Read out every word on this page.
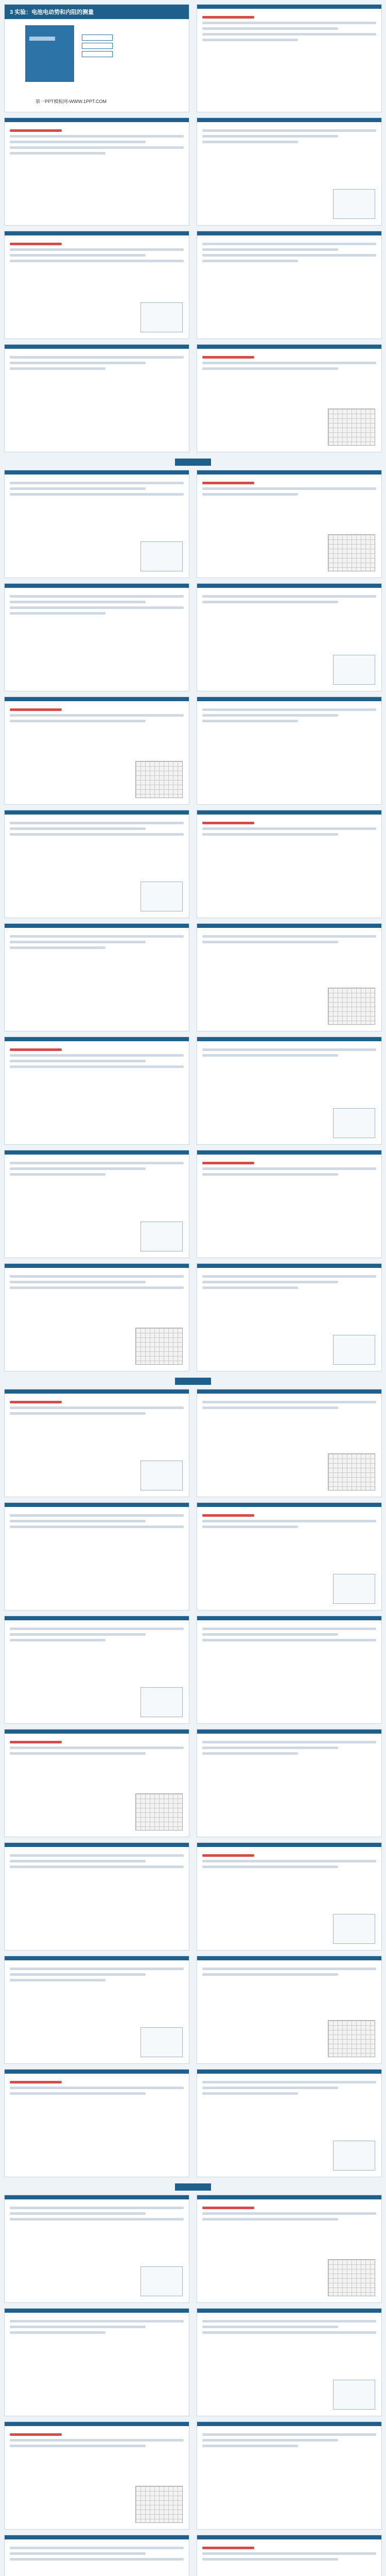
3 实验：电池电动势和内阻的测量
第一PPT模板网-WWW.1PPT.COM
